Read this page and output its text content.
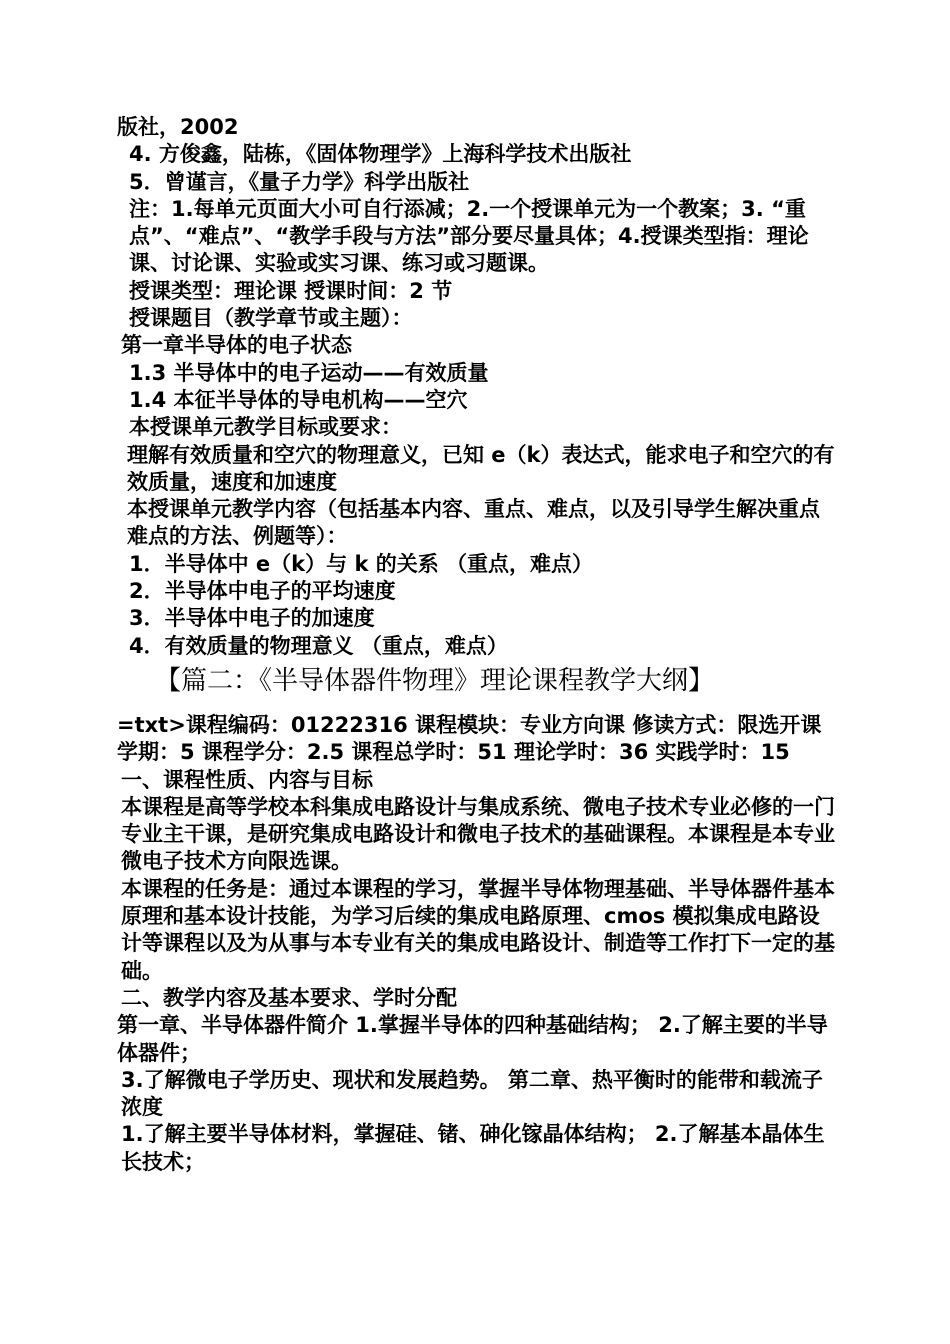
版社，2002
4. 方俊鑫，陆栋，《固体物理学》上海科学技术出版社
5．曾谨言，《量子力学》科学出版社
注：1.每单元页面大小可自行添减；2.一个授课单元为一个教案；3. “重点”、“难点”、“教学手段与方法”部分要尽量具体；4.授课类型指：理论课、讨论课、实验或实习课、练习或习题课。
授课类型：理论课 授课时间：2 节
授课题目（教学章节或主题）：
第一章半导体的电子状态
1.3 半导体中的电子运动——有效质量
1.4 本征半导体的导电机构——空穴
本授课单元教学目标或要求：
理解有效质量和空穴的物理意义，已知 e（k）表达式，能求电子和空穴的有效质量，速度和加速度
本授课单元教学内容（包括基本内容、重点、难点，以及引导学生解决重点难点的方法、例题等）：
1．半导体中 e（k）与 k 的关系 （重点，难点）
2．半导体中电子的平均速度
3．半导体中电子的加速度
4．有效质量的物理意义 （重点，难点）
【篇二：《半导体器件物理》理论课程教学大纲】
=txt>课程编码：01222316 课程模块：专业方向课 修读方式：限选开课学期：5 课程学分：2.5 课程总学时：51 理论学时：36 实践学时：15
一、课程性质、内容与目标
本课程是高等学校本科集成电路设计与集成系统、微电子技术专业必修的一门专业主干课，是研究集成电路设计和微电子技术的基础课程。本课程是本专业微电子技术方向限选课。
本课程的任务是：通过本课程的学习，掌握半导体物理基础、半导体器件基本原理和基本设计技能，为学习后续的集成电路原理、cmos 模拟集成电路设计等课程以及为从事与本专业有关的集成电路设计、制造等工作打下一定的基础。
二、教学内容及基本要求、学时分配
第一章、半导体器件简介 1.掌握半导体的四种基础结构； 2.了解主要的半导体器件；
3.了解微电子学历史、现状和发展趋势。 第二章、热平衡时的能带和载流子浓度
1.了解主要半导体材料，掌握硅、锗、砷化镓晶体结构； 2.了解基本晶体生长技术；
